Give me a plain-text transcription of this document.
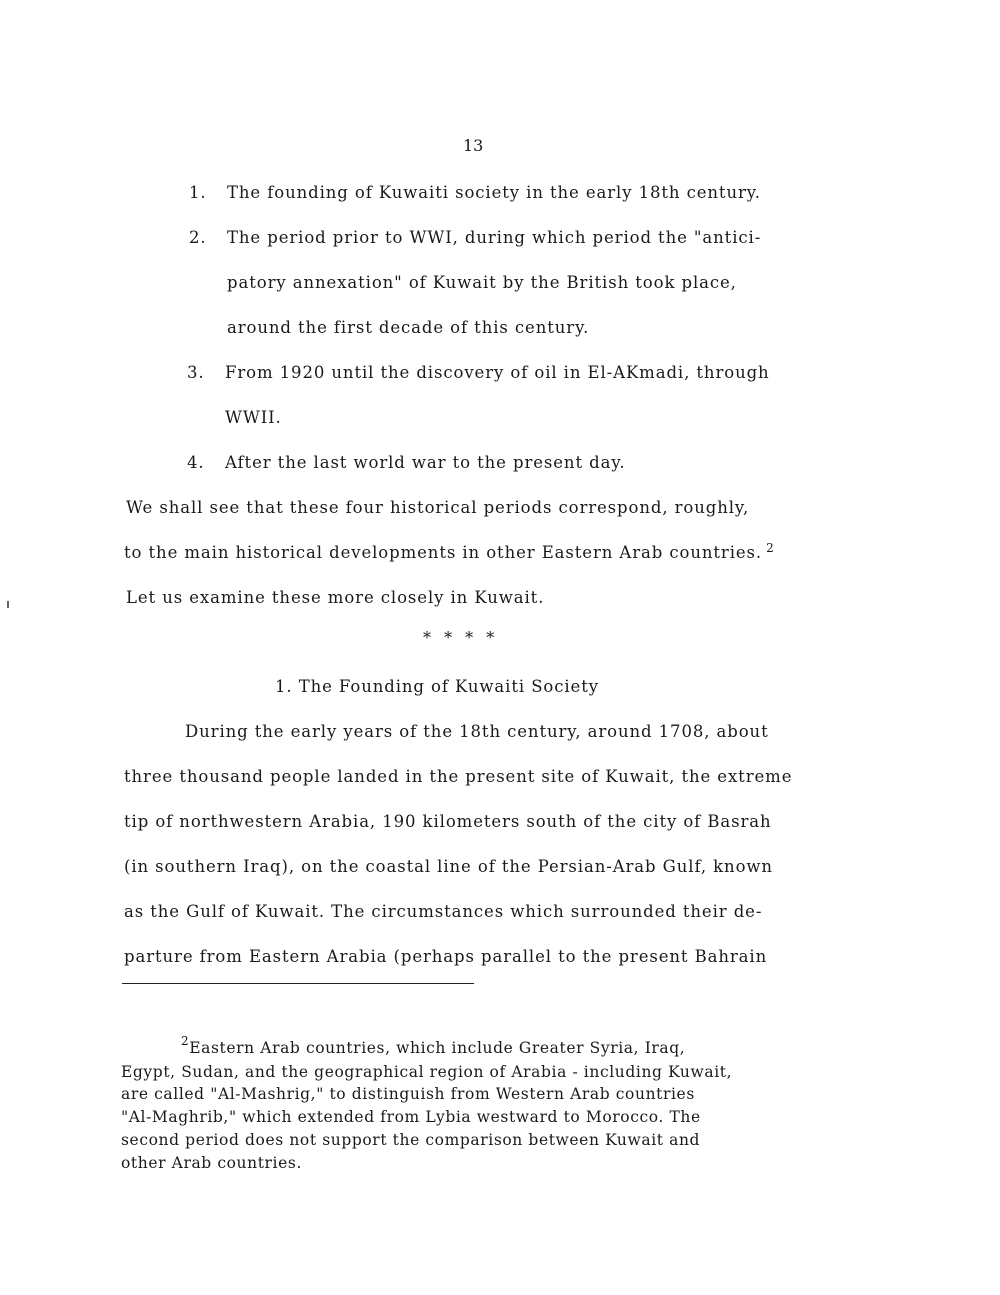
13
1. The founding of Kuwaiti society in the early 18th century.
2. The period prior to WWI, during which period the "antici-
patory annexation" of Kuwait by the British took place,
around the first decade of this century.
3. From 1920 until the discovery of oil in El-AKmadi, through
WWII.
4. After the last world war to the present day.
We shall see that these four historical periods correspond, roughly,
to the main historical developments in other Eastern Arab countries. $^2$
Let us examine these more closely in Kuwait.
* * * *
1. The Founding of Kuwaiti Society
During the early years of the 18th century, around 1708, about
three thousand people landed in the present site of Kuwait, the extreme
tip of northwestern Arabia, 190 kilometers south of the city of Basrah
(in southern Iraq), on the coastal line of the Persian-Arab Gulf, known
as the Gulf of Kuwait. The circumstances which surrounded their de-
parture from Eastern Arabia (perhaps parallel to the present Bahrain
$^2$Eastern Arab countries, which include Greater Syria, Iraq,
Egypt, Sudan, and the geographical region of Arabia - including Kuwait,
are called "Al-Mashrig," to distinguish from Western Arab countries
"Al-Maghrib," which extended from Lybia westward to Morocco. The
second period does not support the comparison between Kuwait and
other Arab countries.
